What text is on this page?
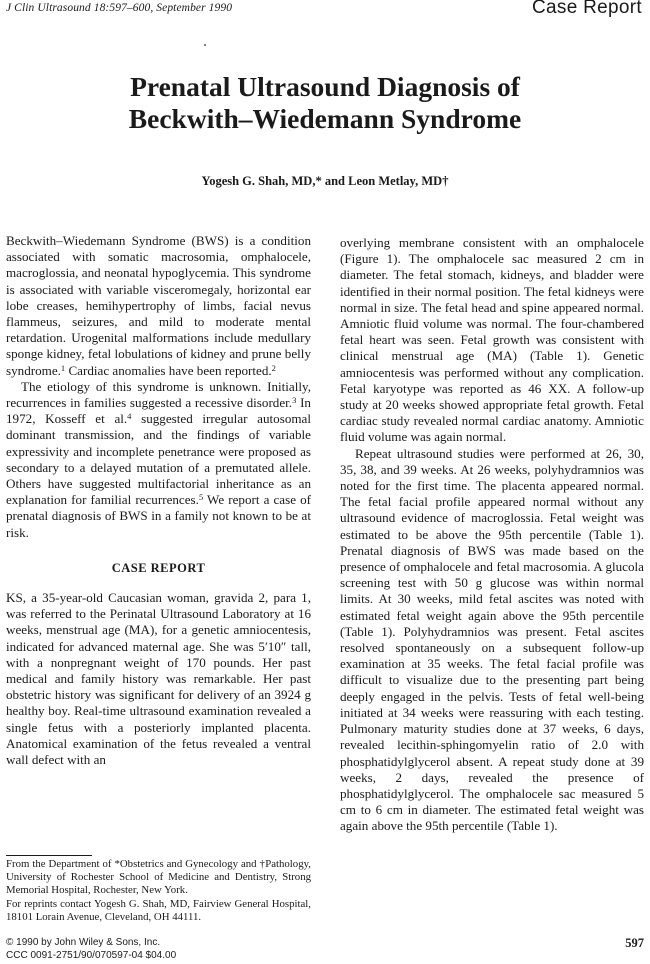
J Clin Ultrasound 18:597–600, September 1990	Case Report
Prenatal Ultrasound Diagnosis of
Beckwith–Wiedemann Syndrome
Yogesh G. Shah, MD,* and Leon Metlay, MD†

Beckwith–Wiedemann Syndrome (BWS) is a condition associated with somatic macrosomia, omphalocele, macroglossia, and neonatal hypoglycemia. This syndrome is associated with variable visceromegaly, horizontal ear lobe creases, hemihypertrophy of limbs, facial nevus flammeus, seizures, and mild to moderate mental retardation. Urogenital malformations include medullary sponge kidney, fetal lobulations of kidney and prune belly syndrome.$^1$ Cardiac anomalies have been reported.$^2$

The etiology of this syndrome is unknown. Initially, recurrences in families suggested a recessive disorder.$^3$ In 1972, Kosseff et al.$^4$ suggested irregular autosomal dominant transmission, and the findings of variable expressivity and incomplete penetrance were proposed as secondary to a delayed mutation of a premutated allele. Others have suggested multifactorial inheritance as an explanation for familial recurrences.$^5$ We report a case of prenatal diagnosis of BWS in a family not known to be at risk.

CASE REPORT

KS, a 35-year-old Caucasian woman, gravida 2, para 1, was referred to the Perinatal Ultrasound Laboratory at 16 weeks, menstrual age (MA), for a genetic amniocentesis, indicated for advanced maternal age. She was 5′10″ tall, with a nonpregnant weight of 170 pounds. Her past medical and family history was remarkable. Her past obstetric history was significant for delivery of an 3924 g healthy boy. Real-time ultrasound examination revealed a single fetus with a posteriorly implanted placenta. Anatomical examination of the fetus revealed a ventral wall defect with an

overlying membrane consistent with an omphalocele (Figure 1). The omphalocele sac measured 2 cm in diameter. The fetal stomach, kidneys, and bladder were identified in their normal position. The fetal kidneys were normal in size. The fetal head and spine appeared normal. Amniotic fluid volume was normal. The four-chambered fetal heart was seen. Fetal growth was consistent with clinical menstrual age (MA) (Table 1). Genetic amniocentesis was performed without any complication. Fetal karyotype was reported as 46 XX. A follow-up study at 20 weeks showed appropriate fetal growth. Fetal cardiac study revealed normal cardiac anatomy. Amniotic fluid volume was again normal.

Repeat ultrasound studies were performed at 26, 30, 35, 38, and 39 weeks. At 26 weeks, polyhydramnios was noted for the first time. The placenta appeared normal. The fetal facial profile appeared normal without any ultrasound evidence of macroglossia. Fetal weight was estimated to be above the 95th percentile (Table 1). Prenatal diagnosis of BWS was made based on the presence of omphalocele and fetal macrosomia. A glucola screening test with 50 g glucose was within normal limits. At 30 weeks, mild fetal ascites was noted with estimated fetal weight again above the 95th percentile (Table 1). Polyhydramnios was present. Fetal ascites resolved spontaneously on a subsequent follow-up examination at 35 weeks. The fetal facial profile was difficult to visualize due to the presenting part being deeply engaged in the pelvis. Tests of fetal well-being initiated at 34 weeks were reassuring with each testing. Pulmonary maturity studies done at 37 weeks, 6 days, revealed lecithin-sphingomyelin ratio of 2.0 with phosphatidylglycerol absent. A repeat study done at 39 weeks, 2 days, revealed the presence of phosphatidylglycerol. The omphalocele sac measured 5 cm to 6 cm in diameter. The estimated fetal weight was again above the 95th percentile (Table 1).

From the Department of *Obstetrics and Gynecology and †Pathology, University of Rochester School of Medicine and Dentistry, Strong Memorial Hospital, Rochester, New York.

For reprints contact Yogesh G. Shah, MD, Fairview General Hospital, 18101 Lorain Avenue, Cleveland, OH 44111.

© 1990 by John Wiley & Sons, Inc.
CCC 0091-2751/90/070597-04 $04.00
597
